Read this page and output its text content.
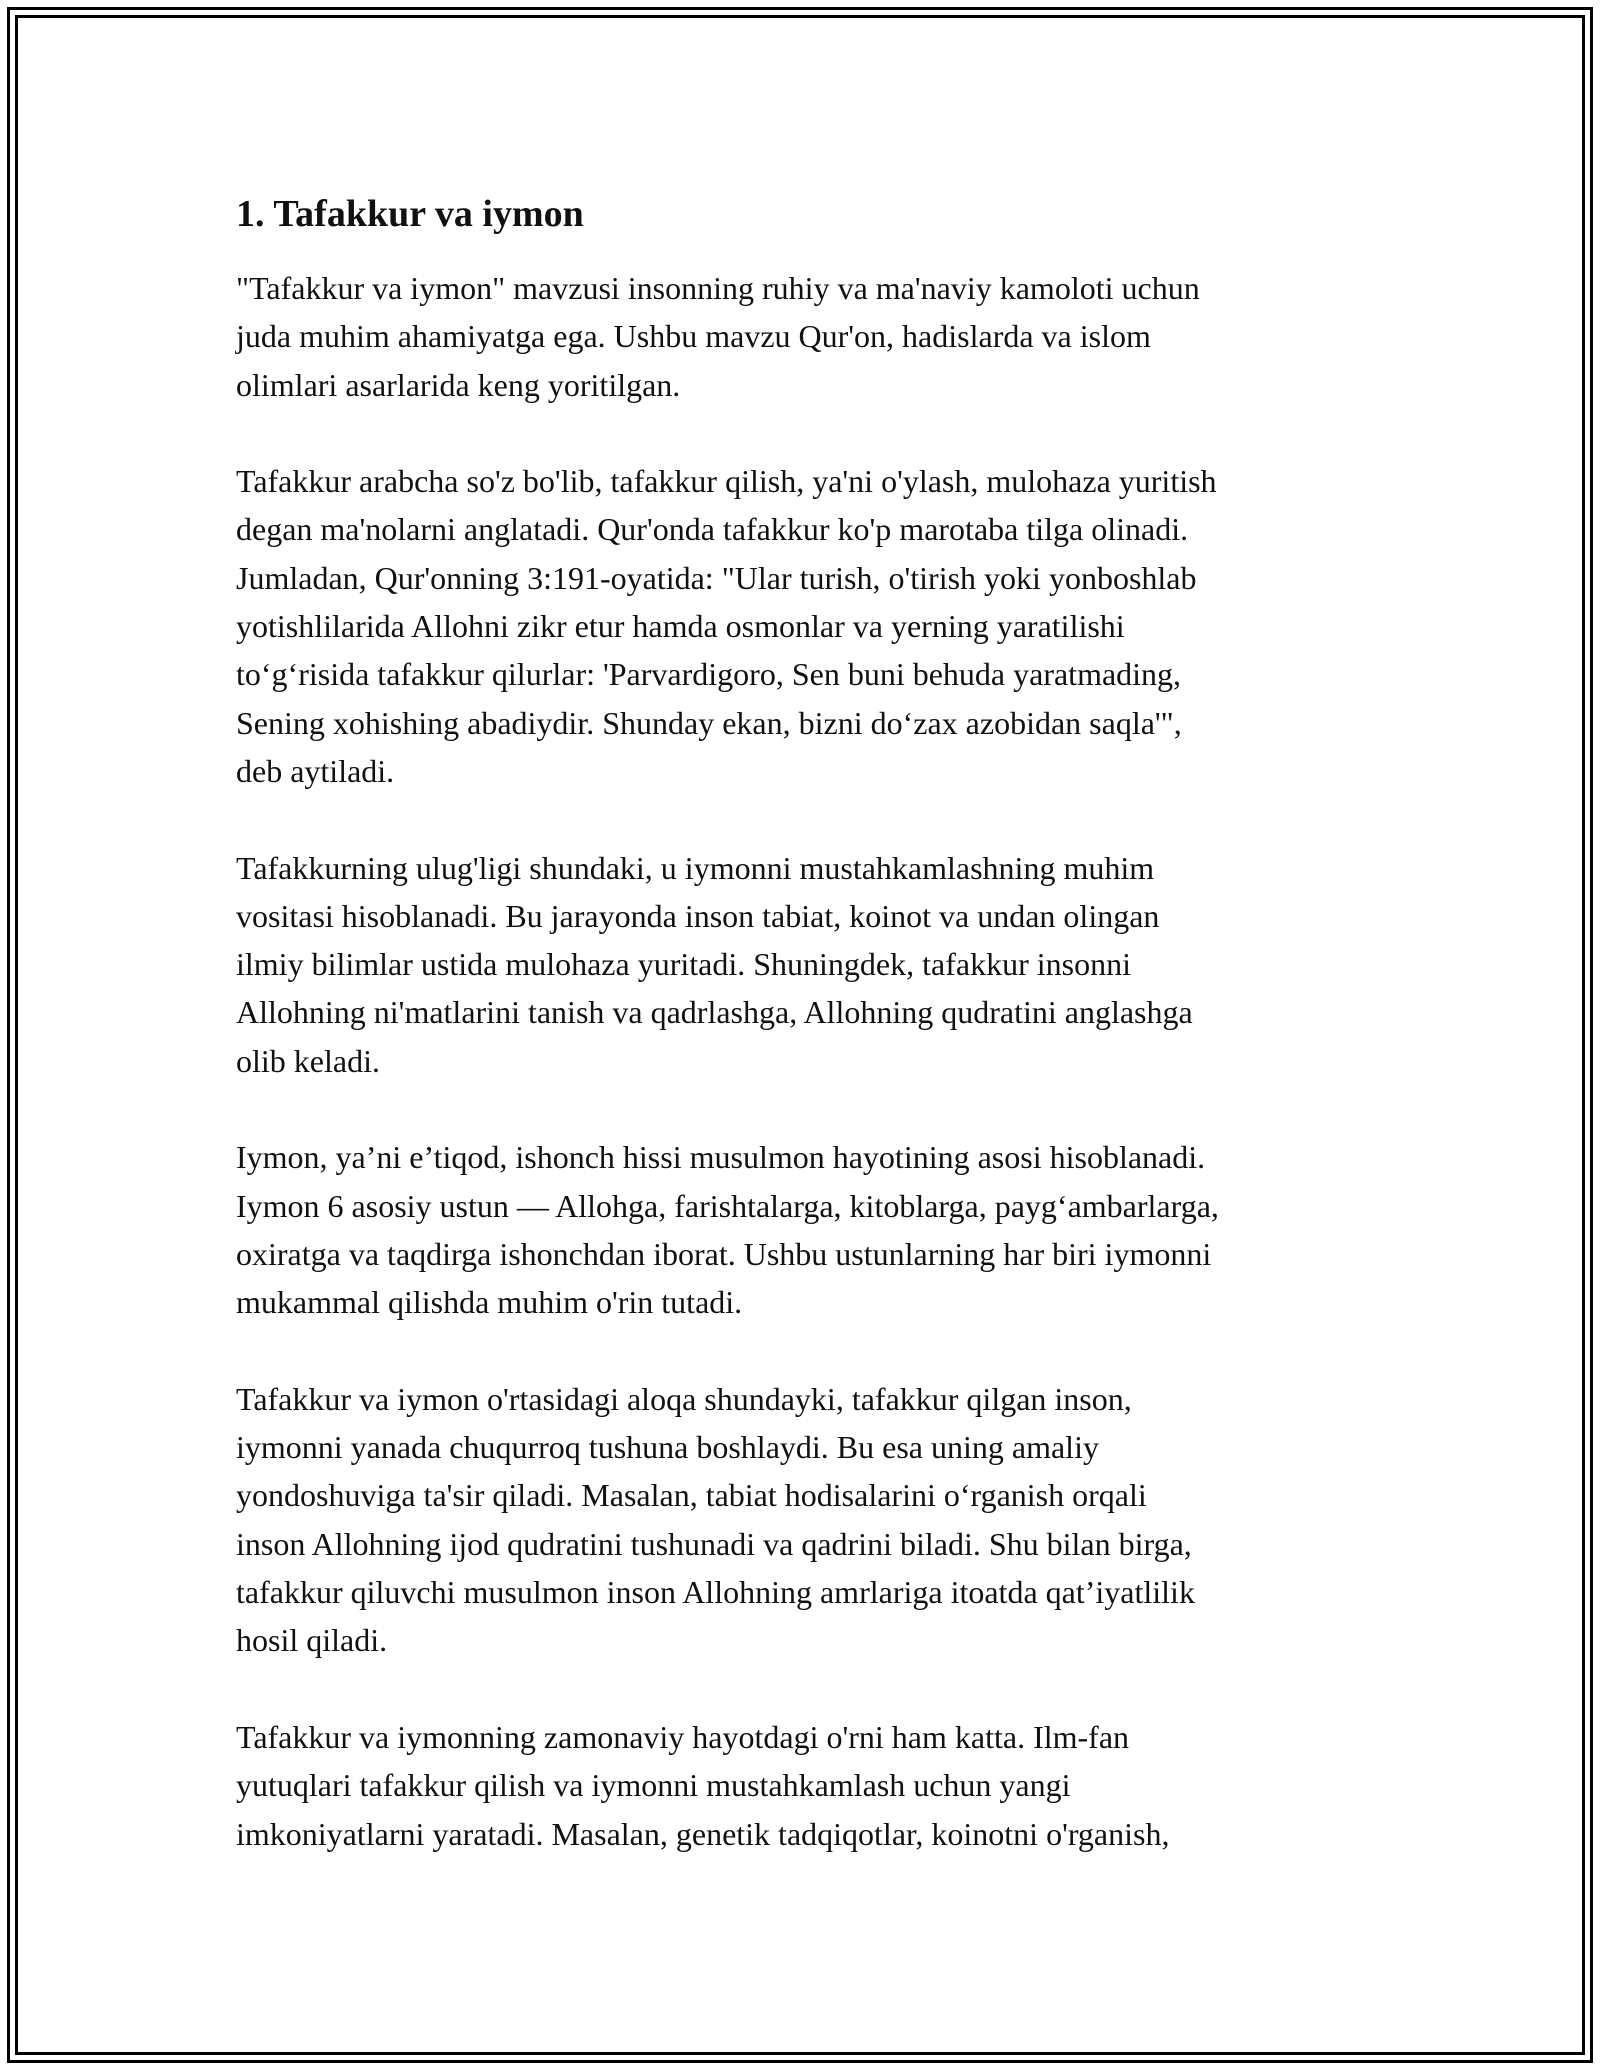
1. Tafakkur va iymon
"Tafakkur va iymon" mavzusi insonning ruhiy va ma'naviy kamoloti uchun
juda muhim ahamiyatga ega. Ushbu mavzu Qur'on, hadislarda va islom
olimlari asarlarida keng yoritilgan.
Tafakkur arabcha so'z bo'lib, tafakkur qilish, ya'ni o'ylash, mulohaza yuritish
degan ma'nolarni anglatadi. Qur'onda tafakkur ko'p marotaba tilga olinadi.
Jumladan, Qur'onning 3:191-oyatida: "Ular turish, o'tirish yoki yonboshlab
yotishlilarida Allohni zikr etur hamda osmonlar va yerning yaratilishi
to‘g‘risida tafakkur qilurlar: 'Parvardigoro, Sen buni behuda yaratmading,
Sening xohishing abadiydir. Shunday ekan, bizni do‘zax azobidan saqla'",
deb aytiladi.
Tafakkurning ulug'ligi shundaki, u iymonni mustahkamlashning muhim
vositasi hisoblanadi. Bu jarayonda inson tabiat, koinot va undan olingan
ilmiy bilimlar ustida mulohaza yuritadi. Shuningdek, tafakkur insonni
Allohning ni'matlarini tanish va qadrlashga, Allohning qudratini anglashga
olib keladi.
Iymon, ya’ni e’tiqod, ishonch hissi musulmon hayotining asosi hisoblanadi.
Iymon 6 asosiy ustun — Allohga, farishtalarga, kitoblarga, payg‘ambarlarga,
oxiratga va taqdirga ishonchdan iborat. Ushbu ustunlarning har biri iymonni
mukammal qilishda muhim o'rin tutadi.
Tafakkur va iymon o'rtasidagi aloqa shundayki, tafakkur qilgan inson,
iymonni yanada chuqurroq tushuna boshlaydi. Bu esa uning amaliy
yondoshuviga ta'sir qiladi. Masalan, tabiat hodisalarini o‘rganish orqali
inson Allohning ijod qudratini tushunadi va qadrini biladi. Shu bilan birga,
tafakkur qiluvchi musulmon inson Allohning amrlariga itoatda qat’iyatlilik
hosil qiladi.
Tafakkur va iymonning zamonaviy hayotdagi o'rni ham katta. Ilm-fan
yutuqlari tafakkur qilish va iymonni mustahkamlash uchun yangi
imkoniyatlarni yaratadi. Masalan, genetik tadqiqotlar, koinotni o'rganish,
